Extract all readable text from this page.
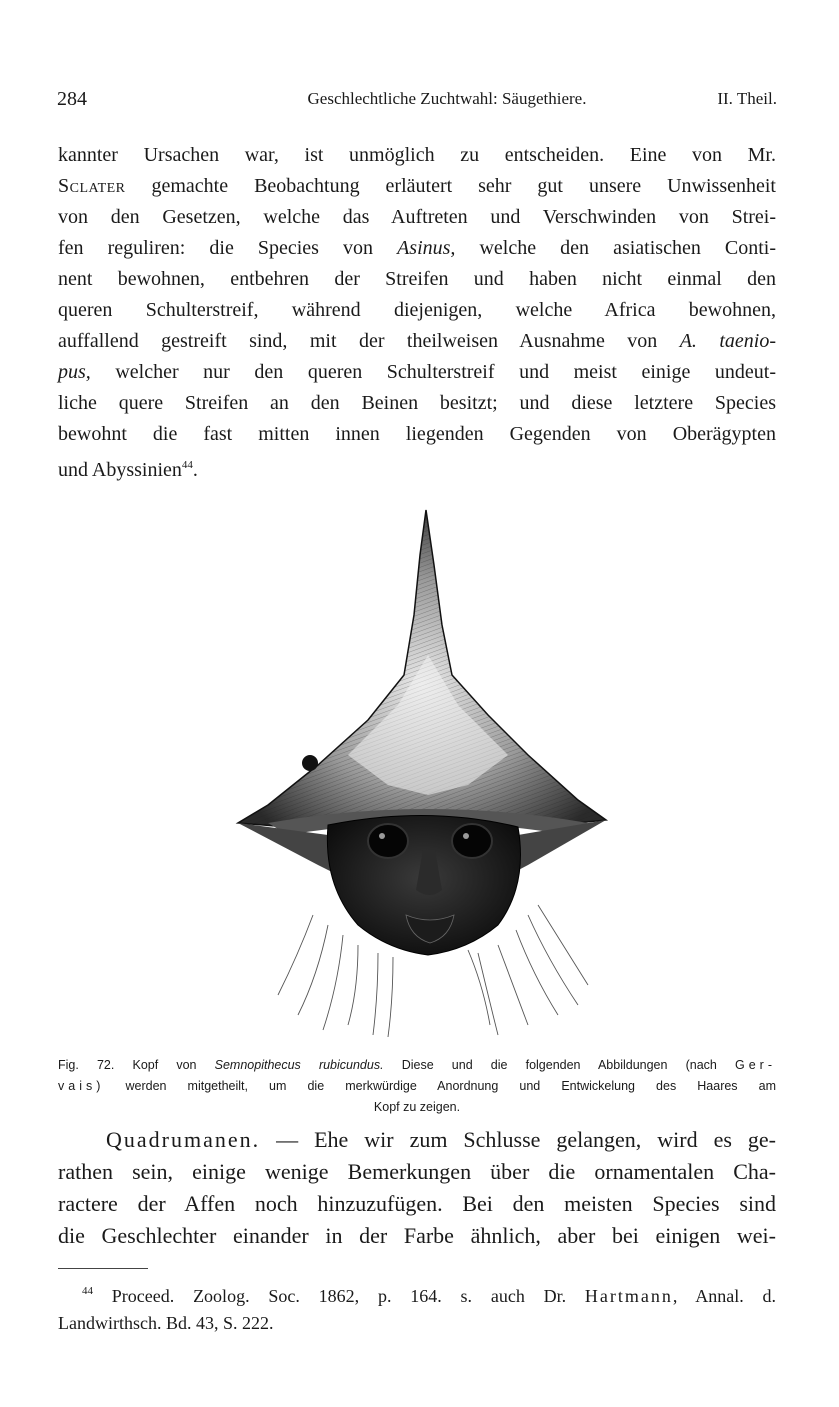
284	Geschlechtliche Zuchtwahl: Säugethiere.	II. Theil.
kannter Ursachen war, ist unmöglich zu entscheiden. Eine von Mr.
Sclater gemachte Beobachtung erläutert sehr gut unsere Unwissenheit
von den Gesetzen, welche das Auftreten und Verschwinden von Strei-
fen reguliren: die Species von Asinus, welche den asiatischen Conti-
nent bewohnen, entbehren der Streifen und haben nicht einmal den
queren Schulterstreif, während diejenigen, welche Africa bewohnen,
auffallend gestreift sind, mit der theilweisen Ausnahme von A. taenio-
pus, welcher nur den queren Schulterstreif und meist einige undeut-
liche quere Streifen an den Beinen besitzt; und diese letztere Species
bewohnt die fast mitten innen liegenden Gegenden von Oberägypten
und Abyssinien$^{44}$.
Fig. 72. Kopf von Semnopithecus rubicundus. Diese und die folgenden Abbildungen (nach Ger-
vais) werden mitgetheilt, um die merkwürdige Anordnung und Entwickelung des Haares am
Kopf zu zeigen.
Quadrumanen. — Ehe wir zum Schlusse gelangen, wird es ge-
rathen sein, einige wenige Bemerkungen über die ornamentalen Cha-
ractere der Affen noch hinzuzufügen. Bei den meisten Species sind
die Geschlechter einander in der Farbe ähnlich, aber bei einigen wei-
$^{44}$ Proceed. Zoolog. Soc. 1862, p. 164. s. auch Dr. Hartmann, Annal. d.
Landwirthsch. Bd. 43, S. 222.
